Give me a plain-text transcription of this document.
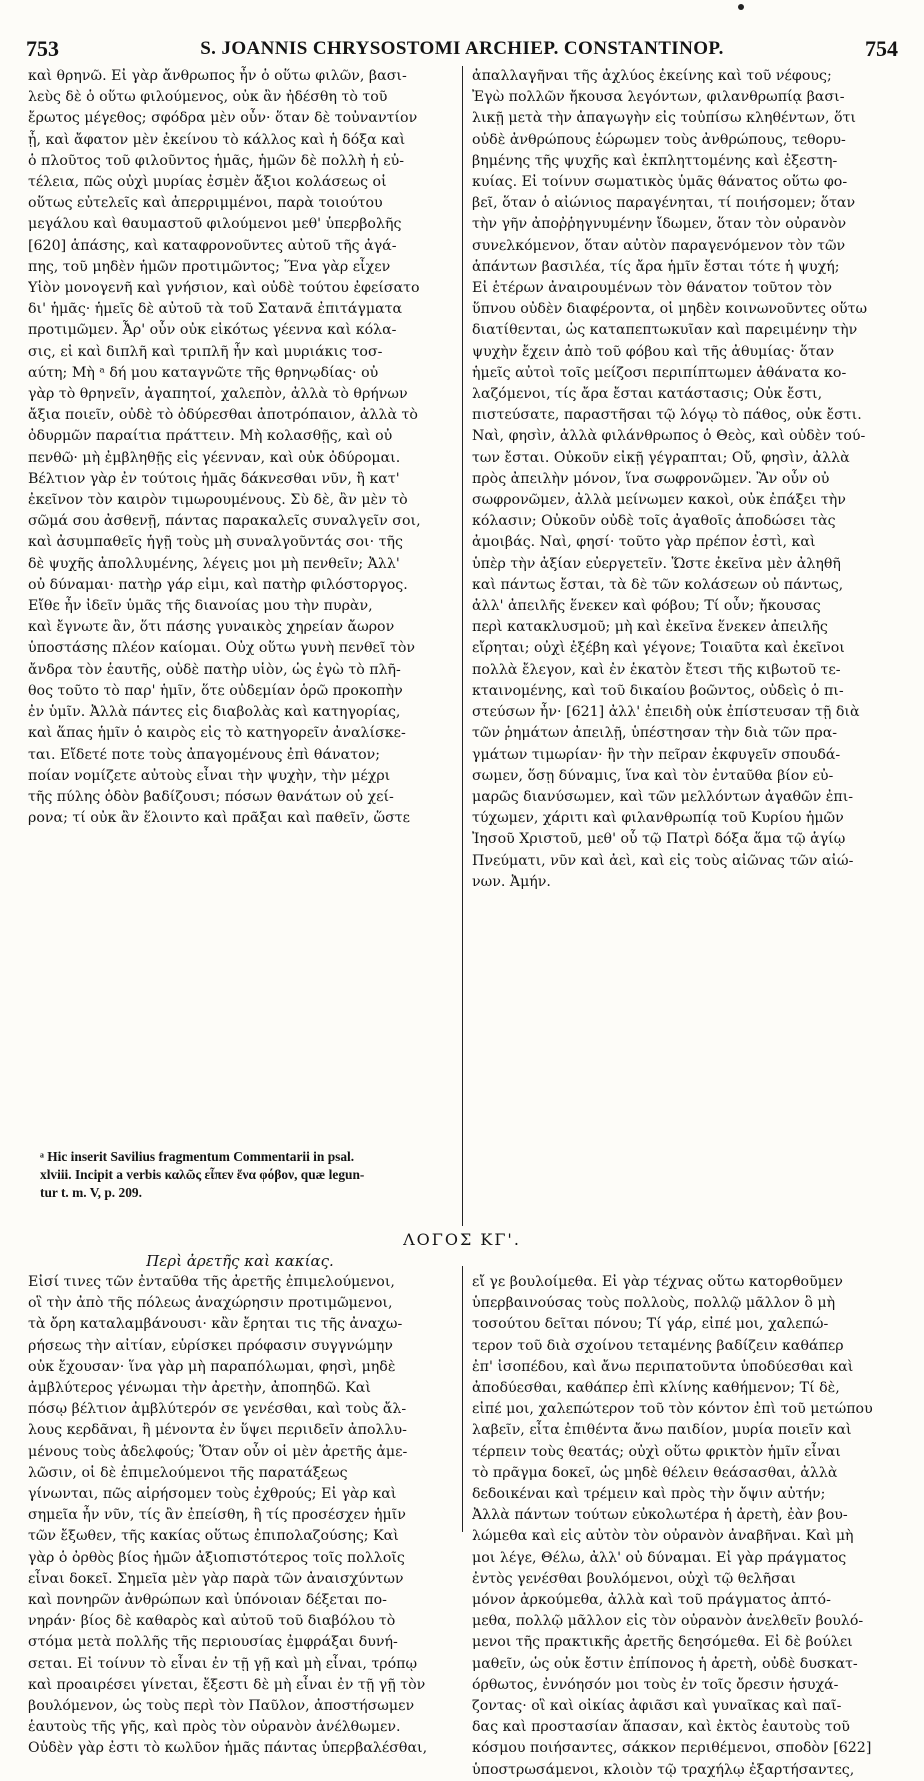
753	S. JOANNIS CHRYSOSTOMI ARCHIEP. CONSTANTINOP.	754
καὶ θρηνῶ. Εἰ γὰρ ἄνθρωπος ἦν ὁ οὕτω φιλῶν, βασι-
λεὺς δὲ ὁ οὕτω φιλούμενος, οὐκ ἂν ἠδέσθη τὸ τοῦ
ἔρωτος μέγεθος; σφόδρα μὲν οὖν· ὅταν δὲ τοὐναντίον
ᾖ, καὶ ἄφατον μὲν ἐκείνου τὸ κάλλος καὶ ἡ δόξα καὶ
ὁ πλοῦτος τοῦ φιλοῦντος ἡμᾶς, ἡμῶν δὲ πολλὴ ἡ εὐ-
τέλεια, πῶς οὐχὶ μυρίας ἐσμὲν ἄξιοι κολάσεως οἱ
οὕτως εὐτελεῖς καὶ ἀπερριμμένοι, παρὰ τοιούτου
μεγάλου καὶ θαυμαστοῦ φιλούμενοι μεθ' ὑπερβολῆς
[620] ἁπάσης, καὶ καταφρονοῦντες αὐτοῦ τῆς ἀγά-
πης, τοῦ μηδὲν ἡμῶν προτιμῶντος; Ἕνα γὰρ εἶχεν
Υἱὸν μονογενῆ καὶ γνήσιον, καὶ οὐδὲ τούτου ἐφείσατο
δι' ἡμᾶς· ἡμεῖς δὲ αὐτοῦ τὰ τοῦ Σατανᾶ ἐπιτάγματα
προτιμῶμεν. Ἆρ' οὖν οὐκ εἰκότως γέεννα καὶ κόλα-
σις, εἰ καὶ διπλῆ καὶ τριπλῆ ἦν καὶ μυριάκις τοσ-
αύτη; Μὴ ᵃ δή μου καταγνῶτε τῆς θρηνῳδίας· οὐ
γὰρ τὸ θρηνεῖν, ἀγαπητοί, χαλεπὸν, ἀλλὰ τὸ θρήνων
ἄξια ποιεῖν, οὐδὲ τὸ ὀδύρεσθαι ἀποτρόπαιον, ἀλλὰ τὸ
ὀδυρμῶν παραίτια πράττειν. Μὴ κολασθῇς, καὶ οὐ
πενθῶ· μὴ ἐμβληθῇς εἰς γέενναν, καὶ οὐκ ὀδύρομαι.
Βέλτιον γὰρ ἐν τούτοις ἡμᾶς δάκνεσθαι νῦν, ἢ κατ'
ἐκεῖνον τὸν καιρὸν τιμωρουμένους. Σὺ δὲ, ἂν μὲν τὸ
σῶμά σου ἀσθενῇ, πάντας παρακαλεῖς συναλγεῖν σοι,
καὶ ἀσυμπαθεῖς ἡγῇ τοὺς μὴ συναλγοῦντάς σοι· τῆς
δὲ ψυχῆς ἀπολλυμένης, λέγεις μοι μὴ πενθεῖν; Ἀλλ'
οὐ δύναμαι· πατὴρ γάρ εἰμι, καὶ πατὴρ φιλόστοργος.
Εἴθε ἦν ἰδεῖν ὑμᾶς τῆς διανοίας μου τὴν πυρὰν,
καὶ ἔγνωτε ἂν, ὅτι πάσης γυναικὸς χηρείαν ἄωρον
ὑποστάσης πλέον καίομαι. Οὐχ οὕτω γυνὴ πενθεῖ τὸν
ἄνδρα τὸν ἑαυτῆς, οὐδὲ πατὴρ υἱὸν, ὡς ἐγὼ τὸ πλῆ-
θος τοῦτο τὸ παρ' ἡμῖν, ὅτε οὐδεμίαν ὁρῶ προκοπὴν
ἐν ὑμῖν. Ἀλλὰ πάντες εἰς διαβολὰς καὶ κατηγορίας,
καὶ ἅπας ἡμῖν ὁ καιρὸς εἰς τὸ κατηγορεῖν ἀναλίσκε-
ται. Εἴδετέ ποτε τοὺς ἀπαγομένους ἐπὶ θάνατον;
ποίαν νομίζετε αὐτοὺς εἶναι τὴν ψυχὴν, τὴν μέχρι
τῆς πύλης ὁδὸν βαδίζουσι; πόσων θανάτων οὐ χεί-
ρονα; τί οὐκ ἂν ἕλοιντο καὶ πρᾶξαι καὶ παθεῖν, ὥστε
ἀπαλλαγῆναι τῆς ἀχλύος ἐκείνης καὶ τοῦ νέφους;
Ἐγὼ πολλῶν ἤκουσα λεγόντων, φιλανθρωπίᾳ βασι-
λικῇ μετὰ τὴν ἀπαγωγὴν εἰς τοὐπίσω κληθέντων, ὅτι
οὐδὲ ἀνθρώπους ἑώρωμεν τοὺς ἀνθρώπους, τεθορυ-
βημένης τῆς ψυχῆς καὶ ἐκπληττομένης καὶ ἐξεστη-
κυίας. Εἰ τοίνυν σωματικὸς ὑμᾶς θάνατος οὕτω φο-
βεῖ, ὅταν ὁ αἰώνιος παραγένηται, τί ποιήσομεν; ὅταν
τὴν γῆν ἀποῤῥηγνυμένην ἴδωμεν, ὅταν τὸν οὐρανὸν
συνελκόμενον, ὅταν αὐτὸν παραγενόμενον τὸν τῶν
ἁπάντων βασιλέα, τίς ἄρα ἡμῖν ἔσται τότε ἡ ψυχή;
Εἰ ἑτέρων ἀναιρουμένων τὸν θάνατον τοῦτον τὸν
ὕπνου οὐδὲν διαφέροντα, οἱ μηδὲν κοινωνοῦντες οὕτω
διατίθενται, ὡς καταπεπτωκυῖαν καὶ παρειμένην τὴν
ψυχὴν ἔχειν ἀπὸ τοῦ φόβου καὶ τῆς ἀθυμίας· ὅταν
ἡμεῖς αὐτοὶ τοῖς μείζοσι περιπίπτωμεν ἀθάνατα κο-
λαζόμενοι, τίς ἄρα ἔσται κατάστασις; Οὐκ ἔστι,
πιστεύσατε, παραστῆσαι τῷ λόγῳ τὸ πάθος, οὐκ ἔστι.
Ναὶ, φησὶν, ἀλλὰ φιλάνθρωπος ὁ Θεὸς, καὶ οὐδὲν τού-
των ἔσται. Οὐκοῦν εἰκῇ γέγραπται; Οὔ, φησὶν, ἀλλὰ
πρὸς ἀπειλὴν μόνον, ἵνα σωφρονῶμεν. Ἂν οὖν οὐ
σωφρονῶμεν, ἀλλὰ μείνωμεν κακοὶ, οὐκ ἐπάξει τὴν
κόλασιν; Οὐκοῦν οὐδὲ τοῖς ἀγαθοῖς ἀποδώσει τὰς
ἀμοιβάς. Ναὶ, φησί· τοῦτο γὰρ πρέπον ἐστὶ, καὶ
ὑπὲρ τὴν ἀξίαν εὐεργετεῖν. Ὥστε ἐκεῖνα μὲν ἀληθῆ
καὶ πάντως ἔσται, τὰ δὲ τῶν κολάσεων οὐ πάντως,
ἀλλ' ἀπειλῆς ἕνεκεν καὶ φόβου; Τί οὖν; ἤκουσας
περὶ κατακλυσμοῦ; μὴ καὶ ἐκεῖνα ἕνεκεν ἀπειλῆς
εἴρηται; οὐχὶ ἐξέβη καὶ γέγονε; Τοιαῦτα καὶ ἐκεῖνοι
πολλὰ ἔλεγον, καὶ ἐν ἑκατὸν ἔτεσι τῆς κιβωτοῦ τε-
κταινομένης, καὶ τοῦ δικαίου βοῶντος, οὐδεὶς ὁ πι-
στεύσων ἦν· [621] ἀλλ' ἐπειδὴ οὐκ ἐπίστευσαν τῇ διὰ
τῶν ῥημάτων ἀπειλῇ, ὑπέστησαν τὴν διὰ τῶν πρα-
γμάτων τιμωρίαν· ἣν τὴν πεῖραν ἐκφυγεῖν σπουδά-
σωμεν, ὅσῃ δύναμις, ἵνα καὶ τὸν ἐνταῦθα βίον εὐ-
μαρῶς διανύσωμεν, καὶ τῶν μελλόντων ἀγαθῶν ἐπι-
τύχωμεν, χάριτι καὶ φιλανθρωπίᾳ τοῦ Κυρίου ἡμῶν
Ἰησοῦ Χριστοῦ, μεθ' οὗ τῷ Πατρὶ δόξα ἅμα τῷ ἁγίῳ
Πνεύματι, νῦν καὶ ἀεὶ, καὶ εἰς τοὺς αἰῶνας τῶν αἰώ-
νων. Ἀμήν.
ᵃ Hic inserit Savilius fragmentum Commentarii in psal.
xlviii. Incipit a verbis καλῶς εἶπεν ἕνα φόβον, quæ legun-
tur t. m. V, p. 209.
ΛΟΓΟΣ ΚΓ'.
Περὶ ἀρετῆς καὶ κακίας.
Εἰσί τινες τῶν ἐνταῦθα τῆς ἀρετῆς ἐπιμελούμενοι,
οἳ τὴν ἀπὸ τῆς πόλεως ἀναχώρησιν προτιμῶμενοι,
τὰ ὄρη καταλαμβάνουσι· κἂν ἔρηται τις τῆς ἀναχω-
ρήσεως τὴν αἰτίαν, εὑρίσκει πρόφασιν συγγνώμην
οὐκ ἔχουσαν· ἵνα γὰρ μὴ παραπόλωμαι, φησὶ, μηδὲ
ἀμβλύτερος γένωμαι τὴν ἀρετὴν, ἀποπηδῶ. Καὶ
πόσῳ βέλτιον ἀμβλύτερόν σε γενέσθαι, καὶ τοὺς ἄλ-
λους κερδᾶναι, ἢ μένοντα ἐν ὕψει περιιδεῖν ἀπολλυ-
μένους τοὺς ἀδελφούς; Ὅταν οὖν οἱ μὲν ἀρετῆς ἀμε-
λῶσιν, οἱ δὲ ἐπιμελούμενοι τῆς παρατάξεως
γίνωνται, πῶς αἱρήσομεν τοὺς ἐχθρούς; Εἰ γὰρ καὶ
σημεῖα ἦν νῦν, τίς ἂν ἐπείσθη, ἢ τίς προσέσχεν ἡμῖν
τῶν ἔξωθεν, τῆς κακίας οὕτως ἐπιπολαζούσης; Καὶ
γὰρ ὁ ὀρθὸς βίος ἡμῶν ἀξιοπιστότερος τοῖς πολλοῖς
εἶναι δοκεῖ. Σημεῖα μὲν γὰρ παρὰ τῶν ἀναισχύντων
καὶ πονηρῶν ἀνθρώπων καὶ ὑπόνοιαν δέξεται πο-
νηράν· βίος δὲ καθαρὸς καὶ αὐτοῦ τοῦ διαβόλου τὸ
στόμα μετὰ πολλῆς τῆς περιουσίας ἐμφράξαι δυνή-
σεται. Εἰ τοίνυν τὸ εἶναι ἐν τῇ γῇ καὶ μὴ εἶναι, τρόπῳ
καὶ προαιρέσει γίνεται, ἔξεστι δὲ μὴ εἶναι ἐν τῇ γῇ τὸν
βουλόμενον, ὡς τοὺς περὶ τὸν Παῦλον, ἀποστήσωμεν
ἑαυτοὺς τῆς γῆς, καὶ πρὸς τὸν οὐρανὸν ἀνέλθωμεν.
Οὐδὲν γὰρ ἐστι τὸ κωλῦον ἡμᾶς πάντας ὑπερβαλέσθαι,
εἴ γε βουλοίμεθα. Εἰ γὰρ τέχνας οὕτω κατορθοῦμεν
ὑπερβαινούσας τοὺς πολλοὺς, πολλῷ μᾶλλον ὃ μὴ
τοσούτου δεῖται πόνου; Τί γάρ, εἰπέ μοι, χαλεπώ-
τερον τοῦ διὰ σχοίνου τεταμένης βαδίζειν καθάπερ
ἐπ' ἰσοπέδου, καὶ ἄνω περιπατοῦντα ὑποδύεσθαι καὶ
ἀποδύεσθαι, καθάπερ ἐπὶ κλίνης καθήμενον; Τί δὲ,
εἰπέ μοι, χαλεπώτερον τοῦ τὸν κόντον ἐπὶ τοῦ μετώπου
λαβεῖν, εἶτα ἐπιθέντα ἄνω παιδίον, μυρία ποιεῖν καὶ
τέρπειν τοὺς θεατάς; οὐχὶ οὕτω φρικτὸν ἡμῖν εἶναι
τὸ πρᾶγμα δοκεῖ, ὡς μηδὲ θέλειν θεάσασθαι, ἀλλὰ
δεδοικέναι καὶ τρέμειν καὶ πρὸς τὴν ὄψιν αὐτήν;
Ἀλλὰ πάντων τούτων εὐκολωτέρα ἡ ἀρετὴ, ἐὰν βου-
λώμεθα καὶ εἰς αὐτὸν τὸν οὐρανὸν ἀναβῆναι. Καὶ μὴ
μοι λέγε, Θέλω, ἀλλ' οὐ δύναμαι. Εἰ γὰρ πράγματος
ἐντὸς γενέσθαι βουλόμενοι, οὐχὶ τῷ θελῆσαι
μόνον ἀρκούμεθα, ἀλλὰ καὶ τοῦ πράγματος ἀπτό-
μεθα, πολλῷ μᾶλλον εἰς τὸν οὐρανὸν ἀνελθεῖν βουλό-
μενοι τῆς πρακτικῆς ἀρετῆς δεησόμεθα. Εἰ δὲ βούλει
μαθεῖν, ὡς οὐκ ἔστιν ἐπίπονος ἡ ἀρετὴ, οὐδὲ δυσκατ-
όρθωτος, ἐννόησόν μοι τοὺς ἐν τοῖς ὄρεσιν ἡσυχά-
ζοντας· οἳ καὶ οἰκίας ἀφιᾶσι καὶ γυναῖκας καὶ παῖ-
δας καὶ προστασίαν ἅπασαν, καὶ ἐκτὸς ἑαυτοὺς τοῦ
κόσμου ποιήσαντες, σάκκον περιθέμενοι, σποδὸν [622]
ὑποστρωσάμενοι, κλοιὸν τῷ τραχήλῳ ἐξαρτήσαντες,
